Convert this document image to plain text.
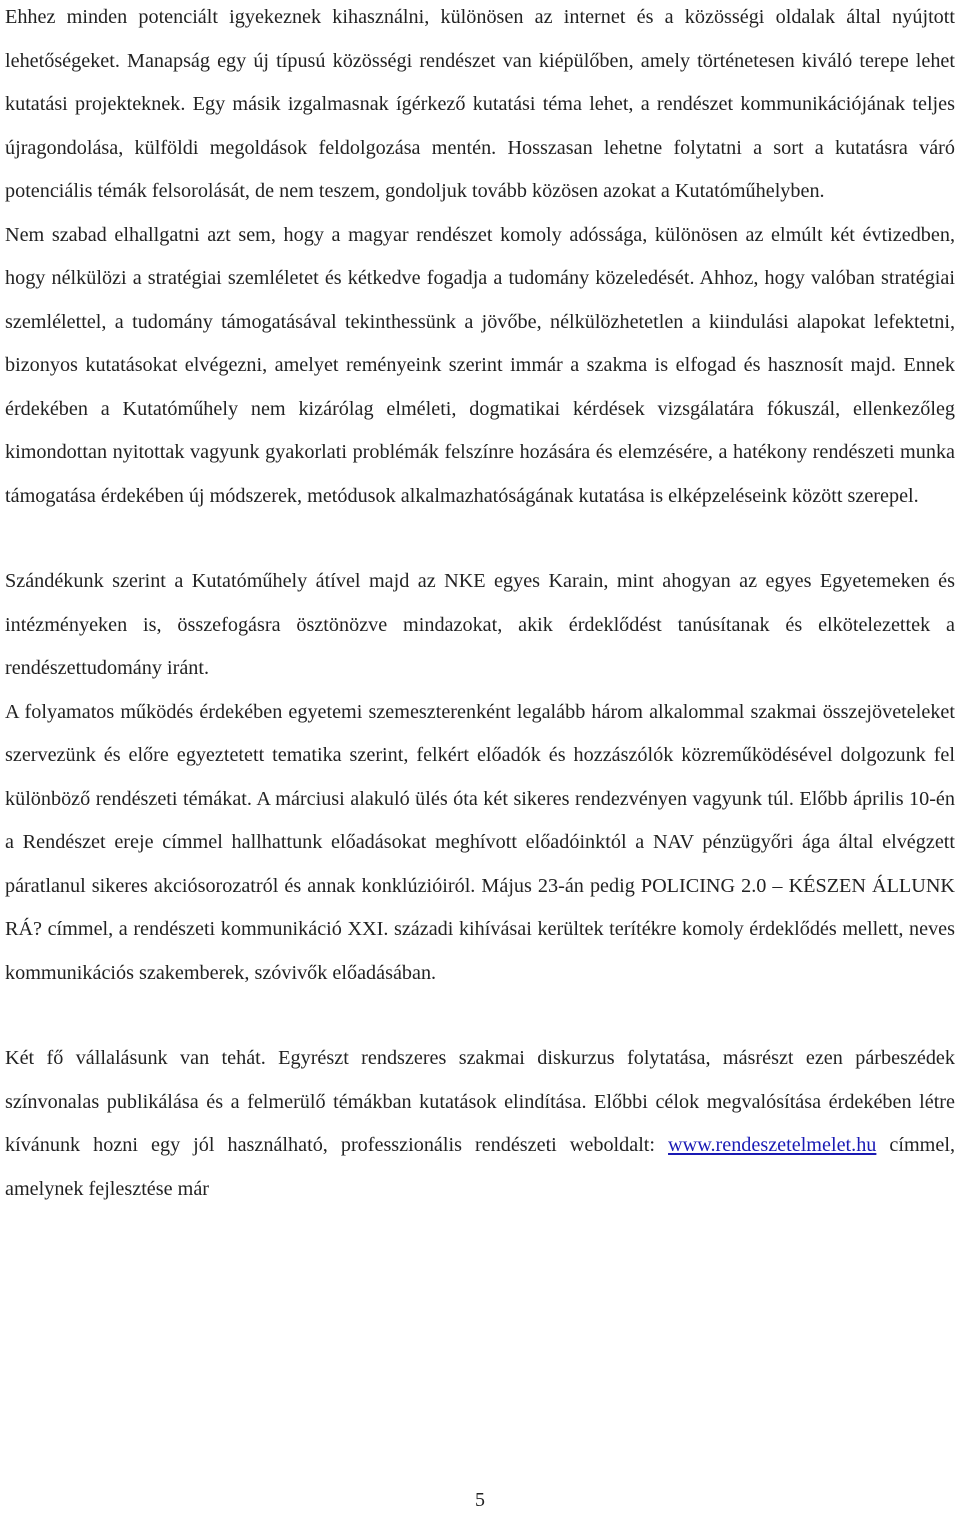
Ehhez minden potenciált igyekeznek kihasználni, különösen az internet és a közösségi oldalak által nyújtott lehetőségeket. Manapság egy új típusú közösségi rendészet van kiépülőben, amely történetesen kiváló terepe lehet kutatási projekteknek. Egy másik izgalmasnak ígérkező kutatási téma lehet, a rendészet kommunikációjának teljes újragondolása, külföldi megoldások feldolgozása mentén. Hosszasan lehetne folytatni a sort a kutatásra váró potenciális témák felsorolását, de nem teszem, gondoljuk tovább közösen azokat a Kutatóműhelyben.

Nem szabad elhallgatni azt sem, hogy a magyar rendészet komoly adóssága, különösen az elmúlt két évtizedben, hogy nélkülözi a stratégiai szemléletet és kétkedve fogadja a tudomány közeledését. Ahhoz, hogy valóban stratégiai szemlélettel, a tudomány támogatásával tekinthessünk a jövőbe, nélkülözhetetlen a kiindulási alapokat lefektetni, bizonyos kutatásokat elvégezni, amelyet reményeink szerint immár a szakma is elfogad és hasznosít majd. Ennek érdekében a Kutatóműhely nem kizárólag elméleti, dogmatikai kérdések vizsgálatára fókuszál, ellenkezőleg kimondottan nyitottak vagyunk gyakorlati problémák felszínre hozására és elemzésére, a hatékony rendészeti munka támogatása érdekében új módszerek, metódusok alkalmazhatóságának kutatása is elképzeléseink között szerepel.

Szándékunk szerint a Kutatóműhely átível majd az NKE egyes Karain, mint ahogyan az egyes Egyetemeken és intézményeken is, összefogásra ösztönözve mindazokat, akik érdeklődést tanúsítanak és elkötelezettek a rendészettudomány iránt.

A folyamatos működés érdekében egyetemi szemeszterenként legalább három alkalommal szakmai összejöveteleket szervezünk és előre egyeztetett tematika szerint, felkért előadók és hozzászólók közreműködésével dolgozunk fel különböző rendészeti témákat. A márciusi alakuló ülés óta két sikeres rendezvényen vagyunk túl. Előbb április 10-én a Rendészet ereje címmel hallhattunk előadásokat meghívott előadóinktól a NAV pénzügyőri ága által elvégzett páratlanul sikeres akciósorozatról és annak konklúzióiról. Május 23-án pedig POLICING 2.0 – KÉSZEN ÁLLUNK RÁ? címmel, a rendészeti kommunikáció XXI. századi kihívásai kerültek terítékre komoly érdeklődés mellett, neves kommunikációs szakemberek, szóvivők előadásában.

Két fő vállalásunk van tehát. Egyrészt rendszeres szakmai diskurzus folytatása, másrészt ezen párbeszédek színvonalas publikálása és a felmerülő témákban kutatások elindítása. Előbbi célok megvalósítása érdekében létre kívánunk hozni egy jól használható, professzionális rendészeti weboldalt: www.rendeszetelmelet.hu címmel, amelynek fejlesztése már

5
